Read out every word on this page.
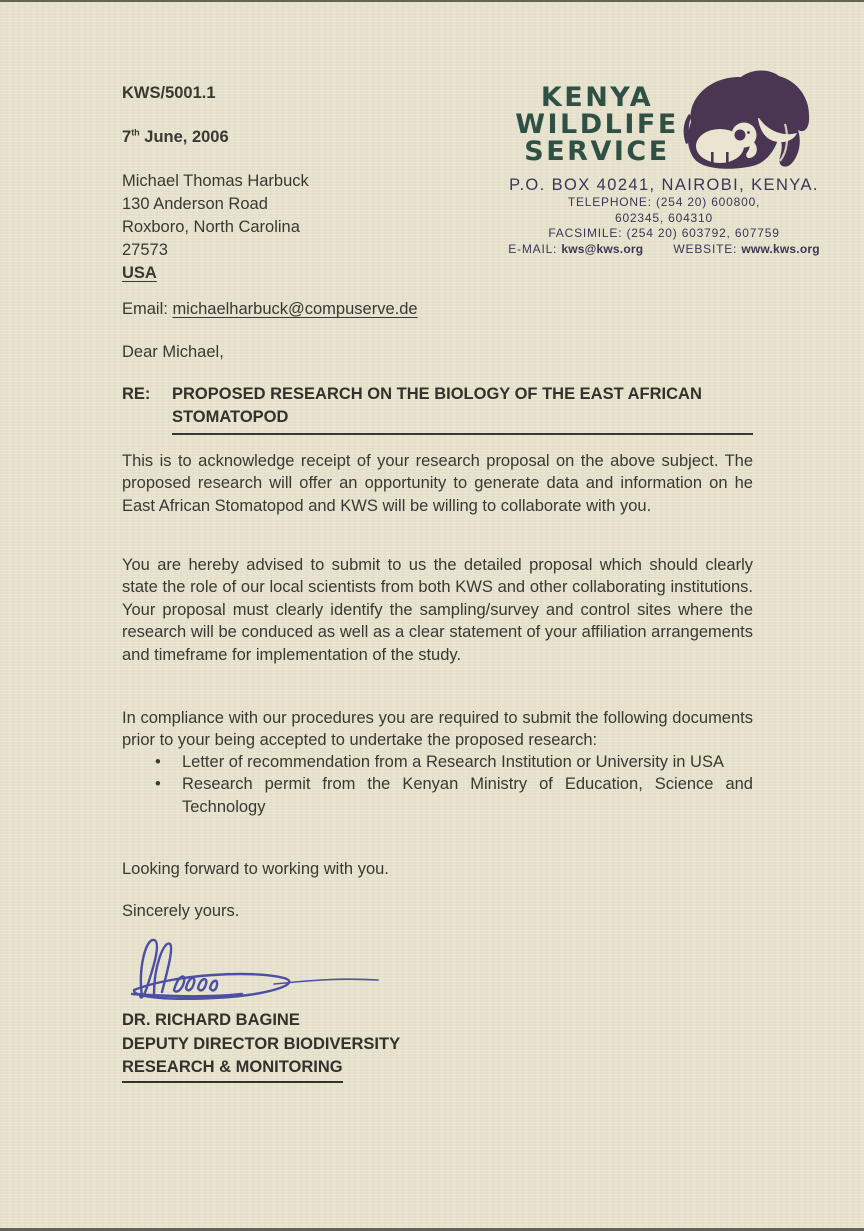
KENYA
WILDLIFE
SERVICE
P.O. BOX 40241, NAIROBI, KENYA.
TELEPHONE: (254 20) 600800,
602345, 604310
FACSIMILE: (254 20) 603792, 607759
E-MAIL: kws@kws.org	WEBSITE: www.kws.org
KWS/5001.1
7th June, 2006
Michael Thomas Harbuck
130 Anderson Road
Roxboro, North Carolina
27573
USA
Email: michaelharbuck@compuserve.de
Dear Michael,
RE:	PROPOSED RESEARCH ON THE BIOLOGY OF THE EAST AFRICAN
STOMATOPOD

This is to acknowledge receipt of your research proposal on the above subject. The proposed research will offer an opportunity to generate data and information on he East African Stomatopod and KWS will be willing to collaborate with you.

You are hereby advised to submit to us the detailed proposal which should clearly state the role of our local scientists from both KWS and other collaborating institutions. Your proposal must clearly identify the sampling/survey and control sites where the research will be conduced as well as a clear statement of your affiliation arrangements and timeframe for implementation of the study.

In compliance with our procedures you are required to submit the following documents prior to your being accepted to undertake the proposed research:

•	Letter of recommendation from a Research Institution or University in USA
•	Research permit from the Kenyan Ministry of Education, Science and Technology
Looking forward to working with you.
Sincerely yours.
DR. RICHARD BAGINE
DEPUTY DIRECTOR BIODIVERSITY
RESEARCH & MONITORING
